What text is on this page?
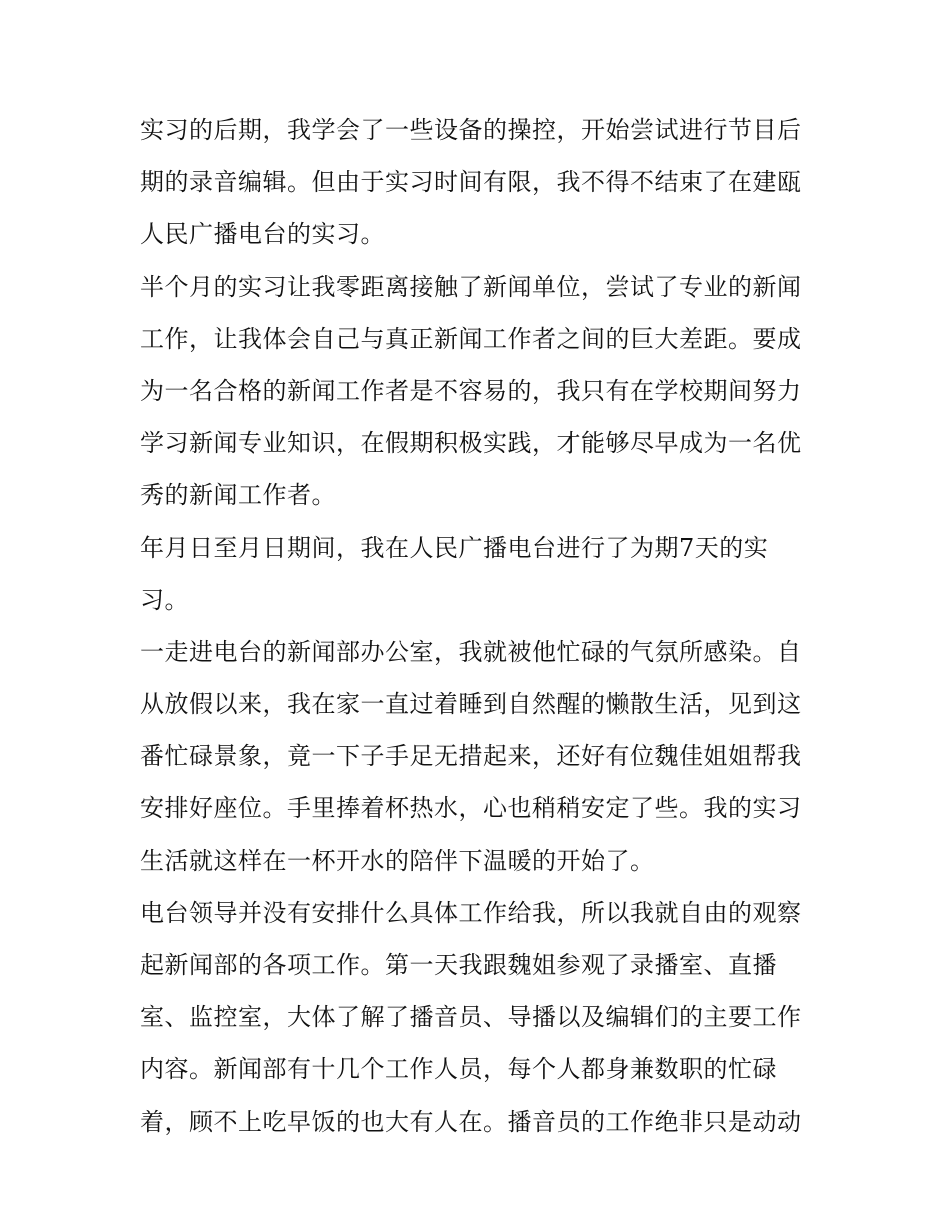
实习的后期，我学会了一些设备的操控，开始尝试进行节目后
期的录音编辑。但由于实习时间有限，我不得不结束了在建瓯
人民广播电台的实习。
半个月的实习让我零距离接触了新闻单位，尝试了专业的新闻
工作，让我体会自己与真正新闻工作者之间的巨大差距。要成
为一名合格的新闻工作者是不容易的，我只有在学校期间努力
学习新闻专业知识，在假期积极实践，才能够尽早成为一名优
秀的新闻工作者。
年月日至月日期间，我在人民广播电台进行了为期7天的实
习。
一走进电台的新闻部办公室，我就被他忙碌的气氛所感染。自
从放假以来，我在家一直过着睡到自然醒的懒散生活，见到这
番忙碌景象，竟一下子手足无措起来，还好有位魏佳姐姐帮我
安排好座位。手里捧着杯热水，心也稍稍安定了些。我的实习
生活就这样在一杯开水的陪伴下温暖的开始了。
电台领导并没有安排什么具体工作给我，所以我就自由的观察
起新闻部的各项工作。第一天我跟魏姐参观了录播室、直播
室、监控室，大体了解了播音员、导播以及编辑们的主要工作
内容。新闻部有十几个工作人员，每个人都身兼数职的忙碌
着，顾不上吃早饭的也大有人在。播音员的工作绝非只是动动
